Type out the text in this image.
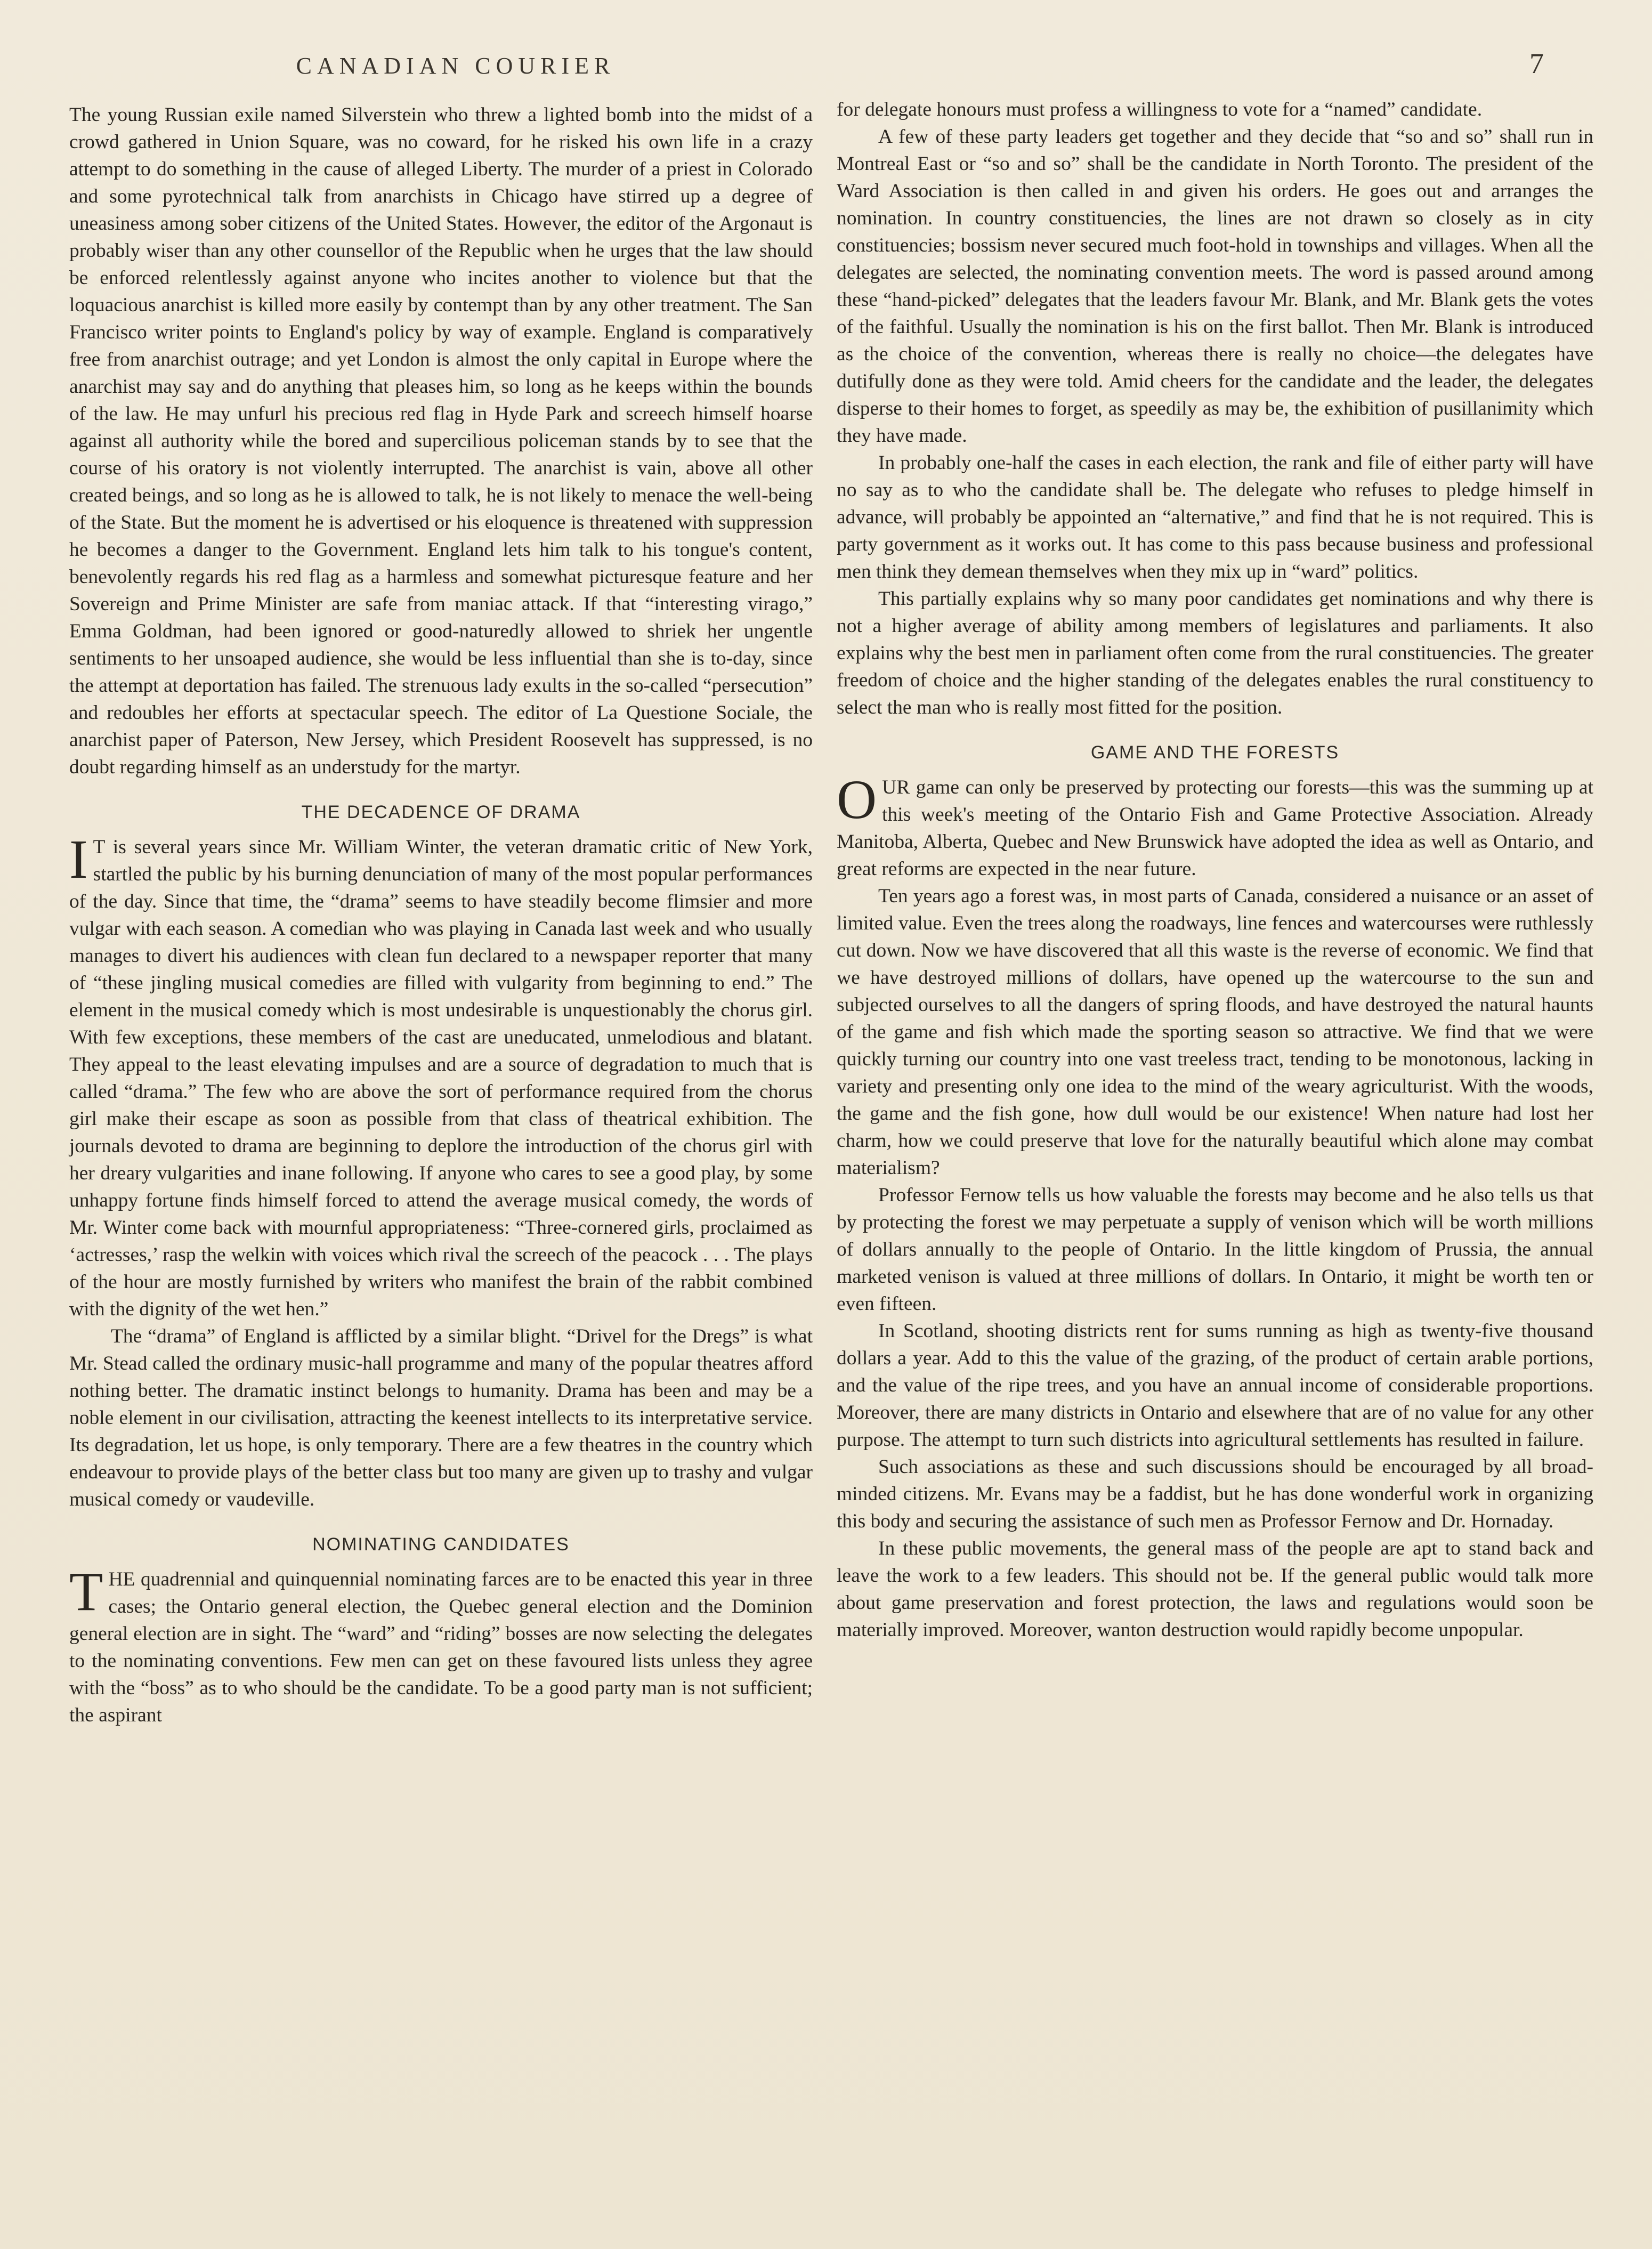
CANADIAN COURIER	7

The young Russian exile named Silverstein who threw a lighted bomb into the midst of a crowd gathered in Union Square, was no coward, for he risked his own life in a crazy attempt to do something in the cause of alleged Liberty. The murder of a priest in Colorado and some pyrotechnical talk from anarchists in Chicago have stirred up a degree of uneasiness among sober citizens of the United States. However, the editor of the Argonaut is probably wiser than any other counsellor of the Republic when he urges that the law should be enforced relentlessly against anyone who incites another to violence but that the loquacious anarchist is killed more easily by contempt than by any other treatment. The San Francisco writer points to England's policy by way of example. England is comparatively free from anarchist outrage; and yet London is almost the only capital in Europe where the anarchist may say and do anything that pleases him, so long as he keeps within the bounds of the law. He may unfurl his precious red flag in Hyde Park and screech himself hoarse against all authority while the bored and supercilious policeman stands by to see that the course of his oratory is not violently interrupted. The anarchist is vain, above all other created beings, and so long as he is allowed to talk, he is not likely to menace the well-being of the State. But the moment he is advertised or his eloquence is threatened with suppression he becomes a danger to the Government. England lets him talk to his tongue's content, benevolently regards his red flag as a harmless and somewhat picturesque feature and her Sovereign and Prime Minister are safe from maniac attack. If that “interesting virago,” Emma Goldman, had been ignored or good-naturedly allowed to shriek her ungentle sentiments to her unsoaped audience, she would be less influential than she is to-day, since the attempt at deportation has failed. The strenuous lady exults in the so-called “persecution” and redoubles her efforts at spectacular speech. The editor of La Questione Sociale, the anarchist paper of Paterson, New Jersey, which President Roosevelt has suppressed, is no doubt regarding himself as an understudy for the martyr.

THE DECADENCE OF DRAMA

I T is several years since Mr. William Winter, the veteran dramatic critic of New York, startled the public by his burning denunciation of many of the most popular performances of the day. Since that time, the “drama” seems to have steadily become flimsier and more vulgar with each season. A comedian who was playing in Canada last week and who usually manages to divert his audiences with clean fun declared to a newspaper reporter that many of “these jingling musical comedies are filled with vulgarity from beginning to end.” The element in the musical comedy which is most undesirable is unquestionably the chorus girl. With few exceptions, these members of the cast are uneducated, unmelodious and blatant. They appeal to the least elevating impulses and are a source of degradation to much that is called “drama.” The few who are above the sort of performance required from the chorus girl make their escape as soon as possible from that class of theatrical exhibition. The journals devoted to drama are beginning to deplore the introduction of the chorus girl with her dreary vulgarities and inane following. If anyone who cares to see a good play, by some unhappy fortune finds himself forced to attend the average musical comedy, the words of Mr. Winter come back with mournful appropriateness: “Three-cornered girls, proclaimed as ‘actresses,’ rasp the welkin with voices which rival the screech of the peacock . . . The plays of the hour are mostly furnished by writers who manifest the brain of the rabbit combined with the dignity of the wet hen.”

The “drama” of England is afflicted by a similar blight. “Drivel for the Dregs” is what Mr. Stead called the ordinary music-hall programme and many of the popular theatres afford nothing better. The dramatic instinct belongs to humanity. Drama has been and may be a noble element in our civilisation, attracting the keenest intellects to its interpretative service. Its degradation, let us hope, is only temporary. There are a few theatres in the country which endeavour to provide plays of the better class but too many are given up to trashy and vulgar musical comedy or vaudeville.

NOMINATING CANDIDATES

THE quadrennial and quinquennial nominating farces are to be enacted this year in three cases; the Ontario general election, the Quebec general election and the Dominion general election are in sight. The “ward” and “riding” bosses are now selecting the delegates to the nominating conventions. Few men can get on these favoured lists unless they agree with the “boss” as to who should be the candidate. To be a good party man is not sufficient; the aspirant

for delegate honours must profess a willingness to vote for a “named” candidate.

A few of these party leaders get together and they decide that “so and so” shall run in Montreal East or “so and so” shall be the candidate in North Toronto. The president of the Ward Association is then called in and given his orders. He goes out and arranges the nomination. In country constituencies, the lines are not drawn so closely as in city constituencies; bossism never secured much foot-hold in townships and villages. When all the delegates are selected, the nominating convention meets. The word is passed around among these “hand-picked” delegates that the leaders favour Mr. Blank, and Mr. Blank gets the votes of the faithful. Usually the nomination is his on the first ballot. Then Mr. Blank is introduced as the choice of the convention, whereas there is really no choice—the delegates have dutifully done as they were told. Amid cheers for the candidate and the leader, the delegates disperse to their homes to forget, as speedily as may be, the exhibition of pusillanimity which they have made.

In probably one-half the cases in each election, the rank and file of either party will have no say as to who the candidate shall be. The delegate who refuses to pledge himself in advance, will probably be appointed an “alternative,” and find that he is not required. This is party government as it works out. It has come to this pass because business and professional men think they demean themselves when they mix up in “ward” politics.

This partially explains why so many poor candidates get nominations and why there is not a higher average of ability among members of legislatures and parliaments. It also explains why the best men in parliament often come from the rural constituencies. The greater freedom of choice and the higher standing of the delegates enables the rural constituency to select the man who is really most fitted for the position.

GAME AND THE FORESTS

OUR game can only be preserved by protecting our forests—this was the summing up at this week's meeting of the Ontario Fish and Game Protective Association. Already Manitoba, Alberta, Quebec and New Brunswick have adopted the idea as well as Ontario, and great reforms are expected in the near future.

Ten years ago a forest was, in most parts of Canada, considered a nuisance or an asset of limited value. Even the trees along the roadways, line fences and watercourses were ruthlessly cut down. Now we have discovered that all this waste is the reverse of economic. We find that we have destroyed millions of dollars, have opened up the watercourse to the sun and subjected ourselves to all the dangers of spring floods, and have destroyed the natural haunts of the game and fish which made the sporting season so attractive. We find that we were quickly turning our country into one vast treeless tract, tending to be monotonous, lacking in variety and presenting only one idea to the mind of the weary agriculturist. With the woods, the game and the fish gone, how dull would be our existence! When nature had lost her charm, how we could preserve that love for the naturally beautiful which alone may combat materialism?

Professor Fernow tells us how valuable the forests may become and he also tells us that by protecting the forest we may perpetuate a supply of venison which will be worth millions of dollars annually to the people of Ontario. In the little kingdom of Prussia, the annual marketed venison is valued at three millions of dollars. In Ontario, it might be worth ten or even fifteen.

In Scotland, shooting districts rent for sums running as high as twenty-five thousand dollars a year. Add to this the value of the grazing, of the product of certain arable portions, and the value of the ripe trees, and you have an annual income of considerable proportions. Moreover, there are many districts in Ontario and elsewhere that are of no value for any other purpose. The attempt to turn such districts into agricultural settlements has resulted in failure.

Such associations as these and such discussions should be encouraged by all broad-minded citizens. Mr. Evans may be a faddist, but he has done wonderful work in organizing this body and securing the assistance of such men as Professor Fernow and Dr. Hornaday.

In these public movements, the general mass of the people are apt to stand back and leave the work to a few leaders. This should not be. If the general public would talk more about game preservation and forest protection, the laws and regulations would soon be materially improved. Moreover, wanton destruction would rapidly become unpopular.
